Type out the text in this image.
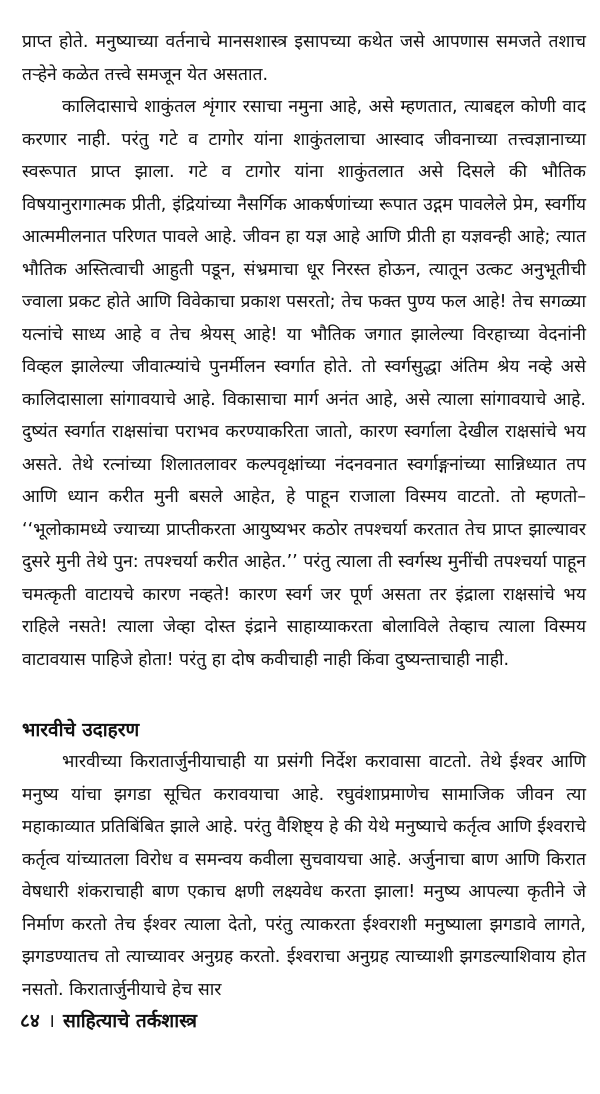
प्राप्त होते. मनुष्याच्या वर्तनाचे मानसशास्त्र इसापच्या कथेत जसे आपणास समजते तशाच तऱ्हेने कळेत तत्त्वे समजून येत असतात.

कालिदासाचे शाकुंतल शृंगार रसाचा नमुना आहे, असे म्हणतात, त्याबद्दल कोणी वाद करणार नाही. परंतु गटे व टागोर यांना शाकुंतलाचा आस्वाद जीवनाच्या तत्त्वज्ञानाच्या स्वरूपात प्राप्त झाला. गटे व टागोर यांना शाकुंतलात असे दिसले की भौतिक विषयानुरागात्मक प्रीती, इंद्रियांच्या नैसर्गिक आकर्षणांच्या रूपात उद्गम पावलेले प्रेम, स्वर्गीय आत्ममीलनात परिणत पावले आहे. जीवन हा यज्ञ आहे आणि प्रीती हा यज्ञवन्ही आहे; त्यात भौतिक अस्तित्वाची आहुती पडून, संभ्रमाचा धूर निरस्त होऊन, त्यातून उत्कट अनुभूतीची ज्वाला प्रकट होते आणि विवेकाचा प्रकाश पसरतो; तेच फक्त पुण्य फल आहे! तेच सगळ्या यत्नांचे साध्य आहे व तेच श्रेयस् आहे! या भौतिक जगात झालेल्या विरहाच्या वेदनांनी विव्हल झालेल्या जीवात्म्यांचे पुनर्मीलन स्वर्गात होते. तो स्वर्गसुद्धा अंतिम श्रेय नव्हे असे कालिदासाला सांगावयाचे आहे. विकासाचा मार्ग अनंत आहे, असे त्याला सांगावयाचे आहे. दुष्यंत स्वर्गात राक्षसांचा पराभव करण्याकरिता जातो, कारण स्वर्गाला देखील राक्षसांचे भय असते. तेथे रत्नांच्या शिलातलावर कल्पवृक्षांच्या नंदनवनात स्वर्गाङ्गनांच्या सान्निध्यात तप आणि ध्यान करीत मुनी बसले आहेत, हे पाहून राजाला विस्मय वाटतो. तो म्हणतो– ‘‘भूलोकामध्ये ज्याच्या प्राप्तीकरता आयुष्यभर कठोर तपश्चर्या करतात तेच प्राप्त झाल्यावर दुसरे मुनी तेथे पुन: तपश्चर्या करीत आहेत.’’ परंतु त्याला ती स्वर्गस्थ मुनींची तपश्चर्या पाहून चमत्कृती वाटायचे कारण नव्हते! कारण स्वर्ग जर पूर्ण असता तर इंद्राला राक्षसांचे भय राहिले नसते! त्याला जेव्हा दोस्त इंद्राने साहाय्याकरता बोलाविले तेव्हाच त्याला विस्मय वाटावयास पाहिजे होता! परंतु हा दोष कवीचाही नाही किंवा दुष्यन्ताचाही नाही.

भारवीचे उदाहरण

भारवीच्या किरातार्जुनीयाचाही या प्रसंगी निर्देश करावासा वाटतो. तेथे ईश्वर आणि मनुष्य यांचा झगडा सूचित करावयाचा आहे. रघुवंशाप्रमाणेच सामाजिक जीवन त्या महाकाव्यात प्रतिबिंबित झाले आहे. परंतु वैशिष्ट्य हे की येथे मनुष्याचे कर्तृत्व आणि ईश्वराचे कर्तृत्व यांच्यातला विरोध व समन्वय कवीला सुचवायचा आहे. अर्जुनाचा बाण आणि किरात वेषधारी शंकराचाही बाण एकाच क्षणी लक्ष्यवेध करता झाला! मनुष्य आपल्या कृतीने जे निर्माण करतो तेच ईश्वर त्याला देतो, परंतु त्याकरता ईश्वराशी मनुष्याला झगडावे लागते, झगडण्यातच तो त्याच्यावर अनुग्रह करतो. ईश्वराचा अनुग्रह त्याच्याशी झगडल्याशिवाय होत नसतो. किरातार्जुनीयाचे हेच सार

८४ । साहित्याचे तर्कशास्त्र
